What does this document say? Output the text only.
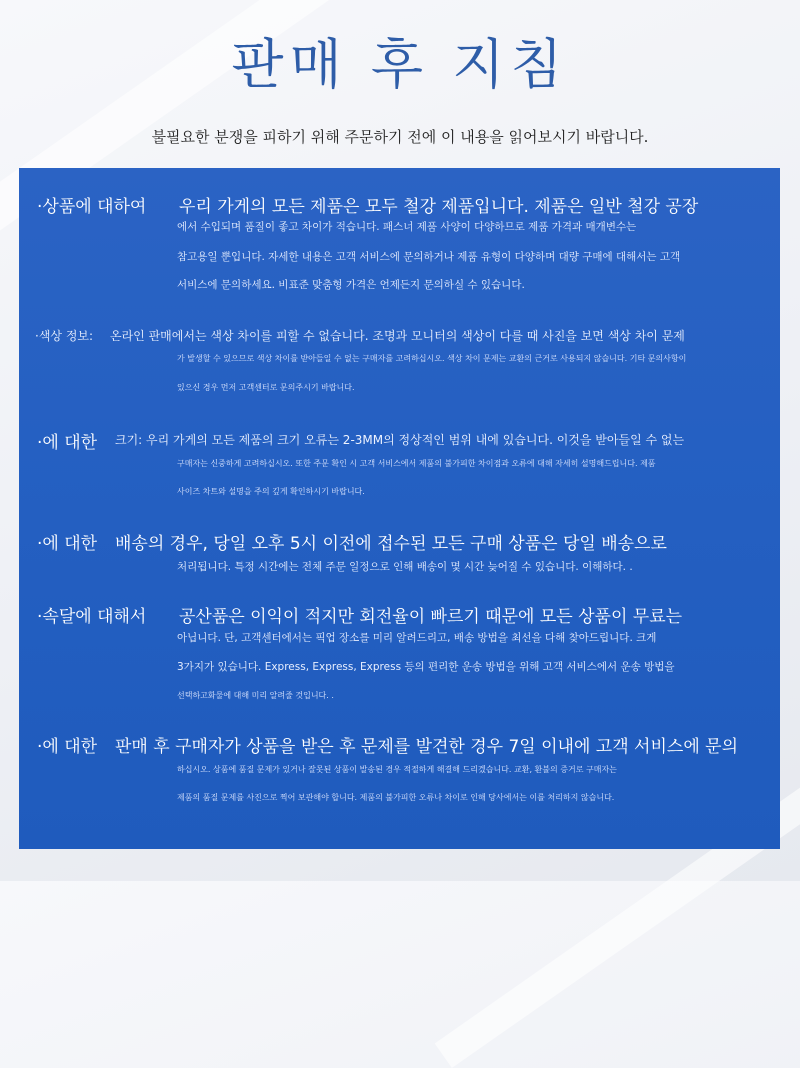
판매 후 지침
불필요한 분쟁을 피하기 위해 주문하기 전에 이 내용을 읽어보시기 바랍니다.
·상품에 대하여 우리 가게의 모든 제품은 모두 철강 제품입니다. 제품은 일반 철강 공장
에서 수입되며 품질이 좋고 차이가 적습니다. 패스너 제품 사양이 다양하므로 제품 가격과 매개변수는
참고용일 뿐입니다. 자세한 내용은 고객 서비스에 문의하거나 제품 유형이 다양하며 대량 구매에 대해서는 고객
서비스에 문의하세요. 비표준 맞춤형 가격은 언제든지 문의하실 수 있습니다.
·색상 정보: 온라인 판매에서는 색상 차이를 피할 수 없습니다. 조명과 모니터의 색상이 다를 때 사진을 보면 색상 차이 문제
가 발생할 수 있으므로 색상 차이를 받아들일 수 없는 구매자를 고려하십시오. 색상 차이 문제는 교환의 근거로 사용되지 않습니다. 기타 문의사항이
있으신 경우 먼저 고객센터로 문의주시기 바랍니다.
·에 대한 크기: 우리 가게의 모든 제품의 크기 오류는 2-3MM의 정상적인 범위 내에 있습니다. 이것을 받아들일 수 없는
구매자는 신중하게 고려하십시오. 또한 주문 확인 시 고객 서비스에서 제품의 불가피한 차이점과 오류에 대해 자세히 설명해드립니다. 제품
사이즈 차트와 설명을 주의 깊게 확인하시기 바랍니다.
·에 대한 배송의 경우, 당일 오후 5시 이전에 접수된 모든 구매 상품은 당일 배송으로
처리됩니다. 특정 시간에는 전체 주문 일정으로 인해 배송이 몇 시간 늦어질 수 있습니다. 이해하다. .
·속달에 대해서 공산품은 이익이 적지만 회전율이 빠르기 때문에 모든 상품이 무료는
아닙니다. 단, 고객센터에서는 픽업 장소를 미리 알려드리고, 배송 방법을 최선을 다해 찾아드립니다. 크게
3가지가 있습니다. Express, Express, Express 등의 편리한 운송 방법을 위해 고객 서비스에서 운송 방법을
선택하고화물에 대해 미리 알려줄 것입니다. .
·에 대한 판매 후 구매자가 상품을 받은 후 문제를 발견한 경우 7일 이내에 고객 서비스에 문의
하십시오. 상품에 품질 문제가 있거나 잘못된 상품이 발송된 경우 적절하게 해결해 드리겠습니다. 교환, 환불의 증거로 구매자는
제품의 품질 문제를 사진으로 찍어 보관해야 합니다. 제품의 불가피한 오류나 차이로 인해 당사에서는 이를 처리하지 않습니다.
